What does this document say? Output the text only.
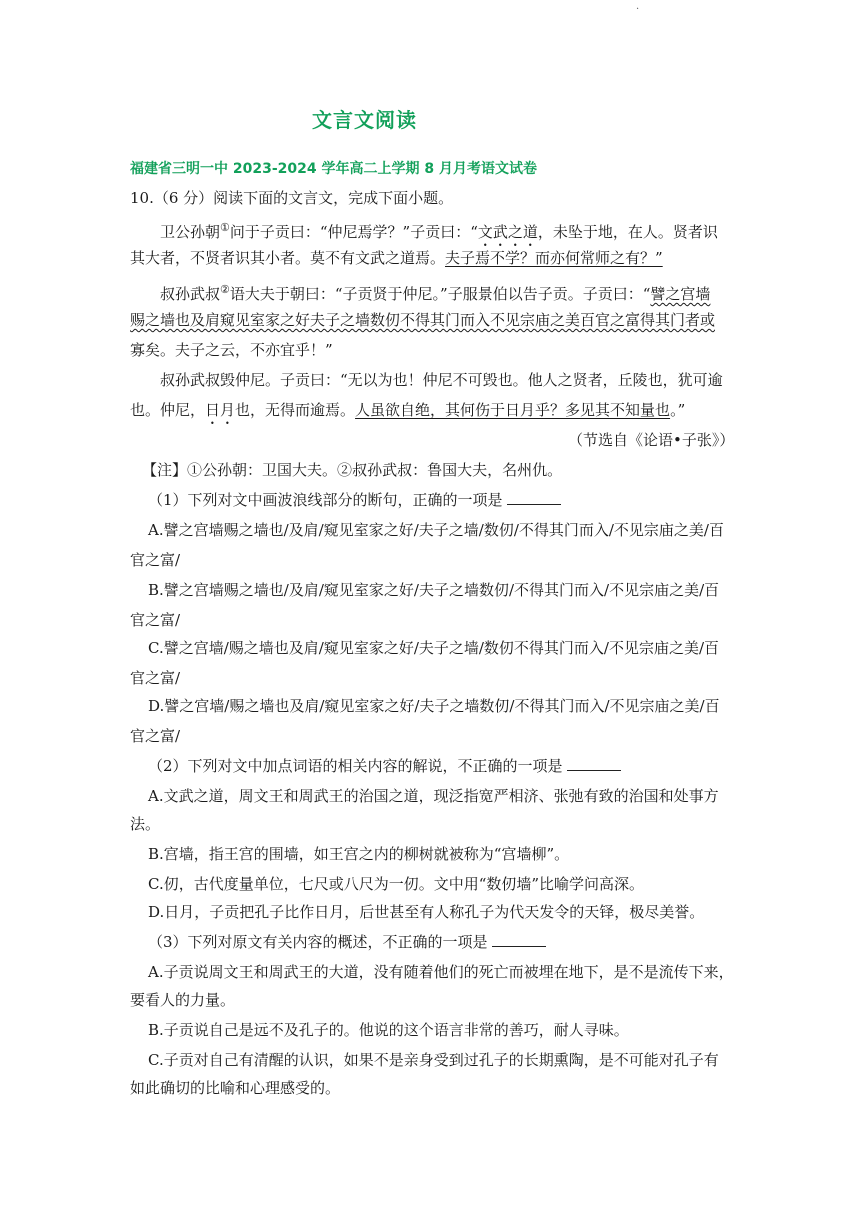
·
文言文阅读
福建省三明一中 2023-2024 学年高二上学期 8 月月考语文试卷
10.（6 分）阅读下面的文言文，完成下面小题。
卫公孙朝①问于子贡曰：“仲尼焉学？”子贡曰：“文武之道，未坠于地，在人。贤者识
其大者，不贤者识其小者。莫不有文武之道焉。夫子焉不学？而亦何常师之有？”
叔孙武叔②语大夫于朝曰：“子贡贤于仲尼。”子服景伯以告子贡。子贡曰：“譬之宫墙
赐之墙也及肩窥见室家之好夫子之墙数仞不得其门而入不见宗庙之美百官之富得其门者或
寡矣。夫子之云，不亦宜乎！”
叔孙武叔毁仲尼。子贡曰：“无以为也！仲尼不可毁也。他人之贤者，丘陵也，犹可逾
也。仲尼，日月也，无得而逾焉。人虽欲自绝，其何伤于日月乎？多见其不知量也。”
（节选自《论语•子张》）
【注】①公孙朝：卫国大夫。②叔孙武叔：鲁国大夫，名州仇。
（1）下列对文中画波浪线部分的断句，正确的一项是
A.譬之宫墙赐之墙也/及肩/窥见室家之好/夫子之墙/数仞/不得其门而入/不见宗庙之美/百
官之富/
B.譬之宫墙赐之墙也/及肩/窥见室家之好/夫子之墙数仞/不得其门而入/不见宗庙之美/百
官之富/
C.譬之宫墙/赐之墙也及肩/窥见室家之好/夫子之墙/数仞不得其门而入/不见宗庙之美/百
官之富/
D.譬之宫墙/赐之墙也及肩/窥见室家之好/夫子之墙数仞/不得其门而入/不见宗庙之美/百
官之富/
（2）下列对文中加点词语的相关内容的解说，不正确的一项是
A.文武之道，周文王和周武王的治国之道，现泛指宽严相济、张弛有致的治国和处事方
法。
B.宫墙，指王宫的围墙，如王宫之内的柳树就被称为“宫墙柳”。
C.仞，古代度量单位，七尺或八尺为一仞。文中用“数仞墙”比喻学问高深。
D.日月，子贡把孔子比作日月，后世甚至有人称孔子为代天发令的天铎，极尽美誉。
（3）下列对原文有关内容的概述，不正确的一项是
A.子贡说周文王和周武王的大道，没有随着他们的死亡而被埋在地下，是不是流传下来，
要看人的力量。
B.子贡说自己是远不及孔子的。他说的这个语言非常的善巧，耐人寻味。
C.子贡对自己有清醒的认识，如果不是亲身受到过孔子的长期熏陶，是不可能对孔子有
如此确切的比喻和心理感受的。
